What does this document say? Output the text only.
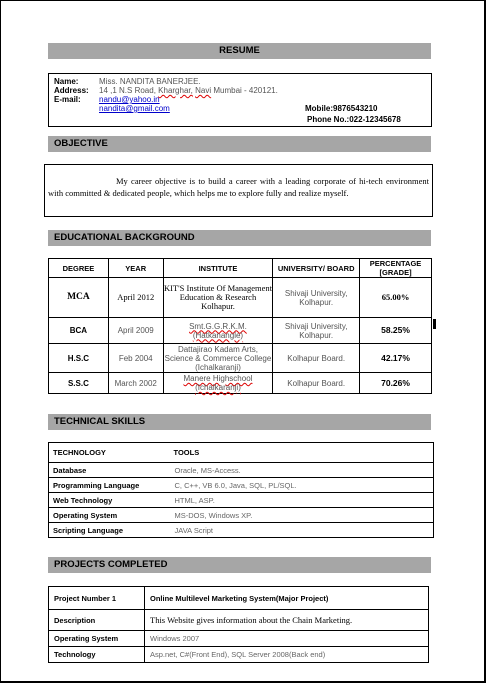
RESUME
Name:	Miss. NANDITA BANERJEE.
Address: 14 ,1 N.S Road, Kharghar, Navi Mumbai - 420121.
E-mail: nandu@yahoo.in
nandita@gmail.com	Mobile:9876543210
Phone No.:022-12345678
OBJECTIVE
My career objective is to build a career with a leading corporate of hi-tech environment with committed & dedicated people, which helps me to explore fully and realize myself.
EDUCATIONAL BACKGROUND
DEGREE	YEAR	INSTITUTE	UNIVERSITY/ BOARD	PERCENTAGE [GRADE]
MCA	April 2012	KIT'S Institute Of Management Education & Research Kolhapur.	Shivaji University, Kolhapur.	65.00%
BCA	April 2009	Smt.G.G.R.K.M. (Hatkanangle)	Shivaji University, Kolhapur.	58.25%
H.S.C	Feb 2004	Dattajirao Kadam Arts, Science & Commerce College (Ichalkaranji)	Kolhapur Board.	42.17%
S.S.C	March 2002	Manere Highschool (Ichalkaranji)	Kolhapur Board.	70.26%
TECHNICAL SKILLS
TECHNOLOGY	TOOLS
Database	Oracle, MS-Access.
Programming Language	C, C++, VB 6.0, Java, SQL, PL/SQL.
Web Technology	HTML, ASP.
Operating System	MS-DOS, Windows XP.
Scripting Language	JAVA Script
PROJECTS COMPLETED
Project Number 1	Online Multilevel Marketing System(Major Project)
Description	This Website gives information about the Chain Marketing.
Operating System	Windows 2007
Technology	Asp.net, C#(Front End), SQL Server 2008(Back end)
